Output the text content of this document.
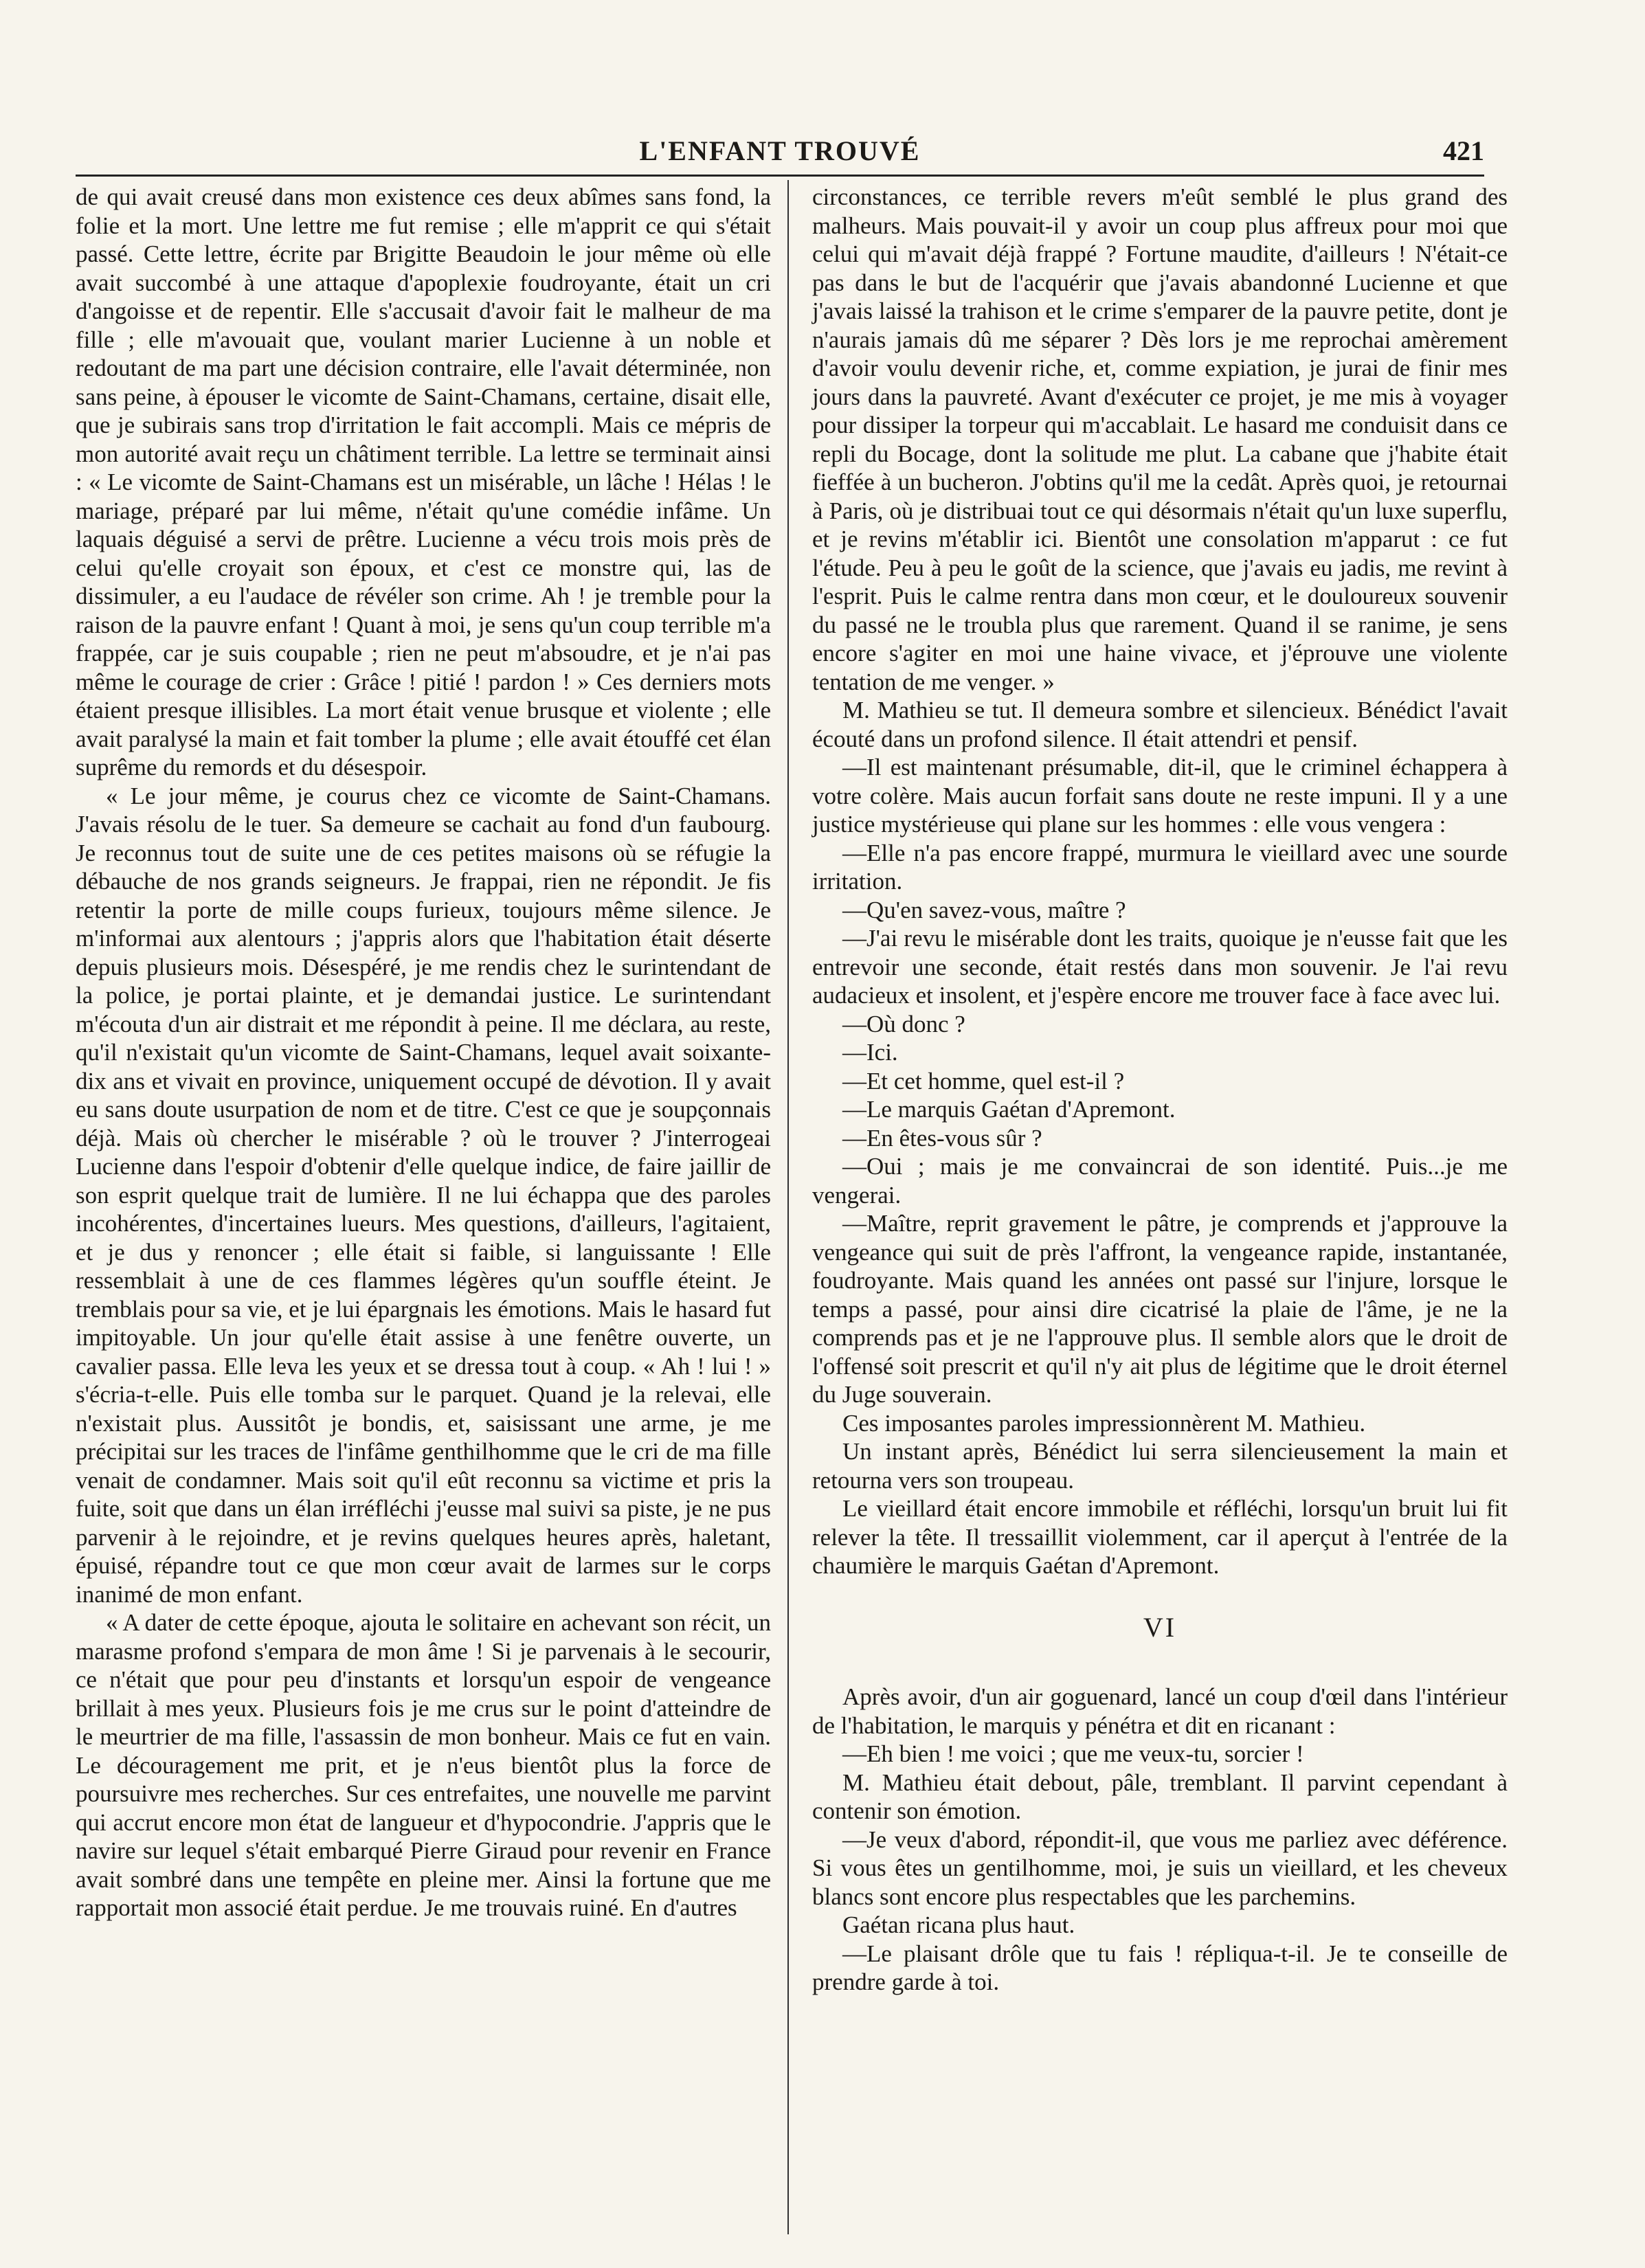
L'ENFANT TROUVÉ	421

de qui avait creusé dans mon existence ces deux abîmes sans fond, la folie et la mort. Une lettre me fut remise ; elle m'apprit ce qui s'était passé. Cette lettre, écrite par Brigitte Beaudoin le jour même où elle avait succombé à une attaque d'apoplexie foudroyante, était un cri d'angoisse et de repentir. Elle s'accusait d'avoir fait le malheur de ma fille ; elle m'avouait que, voulant marier Lucienne à un noble et redoutant de ma part une décision contraire, elle l'avait déterminée, non sans peine, à épouser le vicomte de Saint-Chamans, certaine, disait elle, que je subirais sans trop d'irritation le fait accompli. Mais ce mépris de mon autorité avait reçu un châtiment terrible. La lettre se terminait ainsi : « Le vicomte de Saint-Chamans est un misérable, un lâche ! Hélas ! le mariage, préparé par lui même, n'était qu'une comédie infâme. Un laquais déguisé a servi de prêtre. Lucienne a vécu trois mois près de celui qu'elle croyait son époux, et c'est ce monstre qui, las de dissimuler, a eu l'audace de révéler son crime. Ah ! je tremble pour la raison de la pauvre enfant ! Quant à moi, je sens qu'un coup terrible m'a frappée, car je suis coupable ; rien ne peut m'absoudre, et je n'ai pas même le courage de crier : Grâce ! pitié ! pardon ! » Ces derniers mots étaient presque illisibles. La mort était venue brusque et violente ; elle avait paralysé la main et fait tomber la plume ; elle avait étouffé cet élan suprême du remords et du désespoir.

« Le jour même, je courus chez ce vicomte de Saint-Chamans. J'avais résolu de le tuer. Sa demeure se cachait au fond d'un faubourg. Je reconnus tout de suite une de ces petites maisons où se réfugie la débauche de nos grands seigneurs. Je frappai, rien ne répondit. Je fis retentir la porte de mille coups furieux, toujours même silence. Je m'informai aux alentours ; j'appris alors que l'habitation était déserte depuis plusieurs mois. Désespéré, je me rendis chez le surintendant de la police, je portai plainte, et je demandai justice. Le surintendant m'écouta d'un air distrait et me répondit à peine. Il me déclara, au reste, qu'il n'existait qu'un vicomte de Saint-Chamans, lequel avait soixante-dix ans et vivait en province, uniquement occupé de dévotion. Il y avait eu sans doute usurpation de nom et de titre. C'est ce que je soupçonnais déjà. Mais où chercher le misérable ? où le trouver ? J'interrogeai Lucienne dans l'espoir d'obtenir d'elle quelque indice, de faire jaillir de son esprit quelque trait de lumière. Il ne lui échappa que des paroles incohérentes, d'incertaines lueurs. Mes questions, d'ailleurs, l'agitaient, et je dus y renoncer ; elle était si faible, si languissante ! Elle ressemblait à une de ces flammes légères qu'un souffle éteint. Je tremblais pour sa vie, et je lui épargnais les émotions. Mais le hasard fut impitoyable. Un jour qu'elle était assise à une fenêtre ouverte, un cavalier passa. Elle leva les yeux et se dressa tout à coup. « Ah ! lui ! » s'écria-t-elle. Puis elle tomba sur le parquet. Quand je la relevai, elle n'existait plus. Aussitôt je bondis, et, saisissant une arme, je me précipitai sur les traces de l'infâme genthilhomme que le cri de ma fille venait de condamner. Mais soit qu'il eût reconnu sa victime et pris la fuite, soit que dans un élan irréfléchi j'eusse mal suivi sa piste, je ne pus parvenir à le rejoindre, et je revins quelques heures après, haletant, épuisé, répandre tout ce que mon cœur avait de larmes sur le corps inanimé de mon enfant.

« A dater de cette époque, ajouta le solitaire en achevant son récit, un marasme profond s'empara de mon âme ! Si je parvenais à le secourir, ce n'était que pour peu d'instants et lorsqu'un espoir de vengeance brillait à mes yeux. Plusieurs fois je me crus sur le point d'atteindre de le meurtrier de ma fille, l'assassin de mon bonheur. Mais ce fut en vain. Le découragement me prit, et je n'eus bientôt plus la force de poursuivre mes recherches. Sur ces entrefaites, une nouvelle me parvint qui accrut encore mon état de langueur et d'hypocondrie. J'appris que le navire sur lequel s'était embarqué Pierre Giraud pour revenir en France avait sombré dans une tempête en pleine mer. Ainsi la fortune que me rapportait mon associé était perdue. Je me trouvais ruiné. En d'autres

circonstances, ce terrible revers m'eût semblé le plus grand des malheurs. Mais pouvait-il y avoir un coup plus affreux pour moi que celui qui m'avait déjà frappé ? Fortune maudite, d'ailleurs ! N'était-ce pas dans le but de l'acquérir que j'avais abandonné Lucienne et que j'avais laissé la trahison et le crime s'emparer de la pauvre petite, dont je n'aurais jamais dû me séparer ? Dès lors je me reprochai amèrement d'avoir voulu devenir riche, et, comme expiation, je jurai de finir mes jours dans la pauvreté. Avant d'exécuter ce projet, je me mis à voyager pour dissiper la torpeur qui m'accablait. Le hasard me conduisit dans ce repli du Bocage, dont la solitude me plut. La cabane que j'habite était fieffée à un bucheron. J'obtins qu'il me la cedât. Après quoi, je retournai à Paris, où je distribuai tout ce qui désormais n'était qu'un luxe superflu, et je revins m'établir ici. Bientôt une consolation m'apparut : ce fut l'étude. Peu à peu le goût de la science, que j'avais eu jadis, me revint à l'esprit. Puis le calme rentra dans mon cœur, et le douloureux souvenir du passé ne le troubla plus que rarement. Quand il se ranime, je sens encore s'agiter en moi une haine vivace, et j'éprouve une violente tentation de me venger. »

M. Mathieu se tut. Il demeura sombre et silencieux. Bénédict l'avait écouté dans un profond silence. Il était attendri et pensif.

—Il est maintenant présumable, dit-il, que le criminel échappera à votre colère. Mais aucun forfait sans doute ne reste impuni. Il y a une justice mystérieuse qui plane sur les hommes : elle vous vengera :

—Elle n'a pas encore frappé, murmura le vieillard avec une sourde irritation.

—Qu'en savez-vous, maître ?

—J'ai revu le misérable dont les traits, quoique je n'eusse fait que les entrevoir une seconde, était restés dans mon souvenir. Je l'ai revu audacieux et insolent, et j'espère encore me trouver face à face avec lui.

—Où donc ?

—Ici.

—Et cet homme, quel est-il ?

—Le marquis Gaétan d'Apremont.

—En êtes-vous sûr ?

—Oui ; mais je me convaincrai de son identité. Puis...je me vengerai.

—Maître, reprit gravement le pâtre, je comprends et j'approuve la vengeance qui suit de près l'affront, la vengeance rapide, instantanée, foudroyante. Mais quand les années ont passé sur l'injure, lorsque le temps a passé, pour ainsi dire cicatrisé la plaie de l'âme, je ne la comprends pas et je ne l'approuve plus. Il semble alors que le droit de l'offensé soit prescrit et qu'il n'y ait plus de légitime que le droit éternel du Juge souverain.

Ces imposantes paroles impressionnèrent M. Mathieu.

Un instant après, Bénédict lui serra silencieusement la main et retourna vers son troupeau.

Le vieillard était encore immobile et réfléchi, lorsqu'un bruit lui fit relever la tête. Il tressaillit violemment, car il aperçut à l'entrée de la chaumière le marquis Gaétan d'Apremont.

VI

Après avoir, d'un air goguenard, lancé un coup d'œil dans l'intérieur de l'habitation, le marquis y pénétra et dit en ricanant :

—Eh bien ! me voici ; que me veux-tu, sorcier !

M. Mathieu était debout, pâle, tremblant. Il parvint cependant à contenir son émotion.

—Je veux d'abord, répondit-il, que vous me parliez avec déférence. Si vous êtes un gentilhomme, moi, je suis un vieillard, et les cheveux blancs sont encore plus respectables que les parchemins.

Gaétan ricana plus haut.

—Le plaisant drôle que tu fais ! répliqua-t-il. Je te conseille de prendre garde à toi.
